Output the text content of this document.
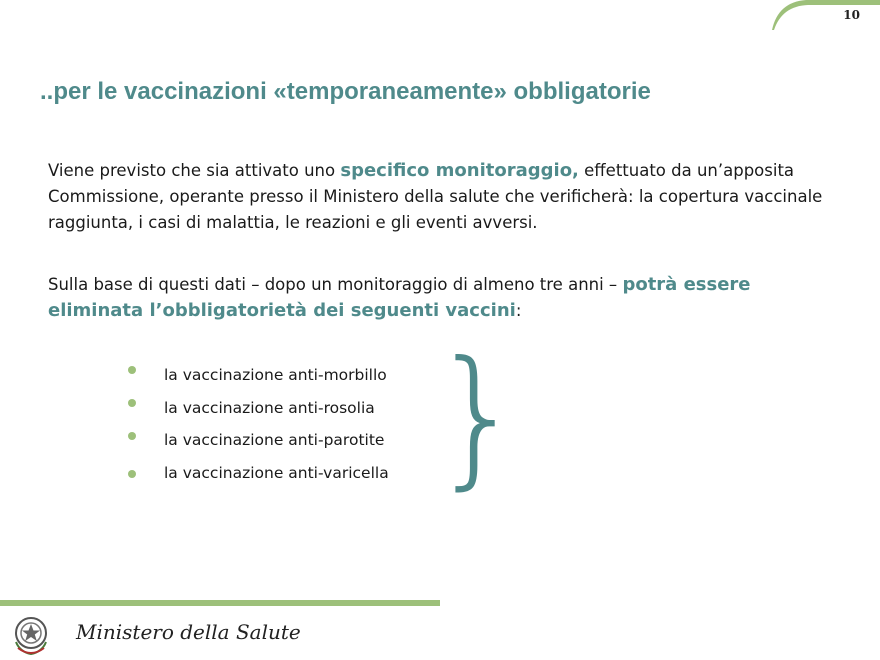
10
..per le vaccinazioni «temporaneamente» obbligatorie
Viene previsto che sia attivato uno specifico monitoraggio, effettuato da un’apposita Commissione, operante presso il Ministero della salute che verificherà: la copertura vaccinale raggiunta, i casi di malattia, le reazioni e gli eventi avversi.
Sulla base di questi dati – dopo un monitoraggio di almeno tre anni – potrà essere eliminata l’obbligatorietà dei seguenti vaccini:
la vaccinazione anti-morbillo
la vaccinazione anti-rosolia
la vaccinazione anti-parotite
la vaccinazione anti-varicella }
Ministero della Salute
